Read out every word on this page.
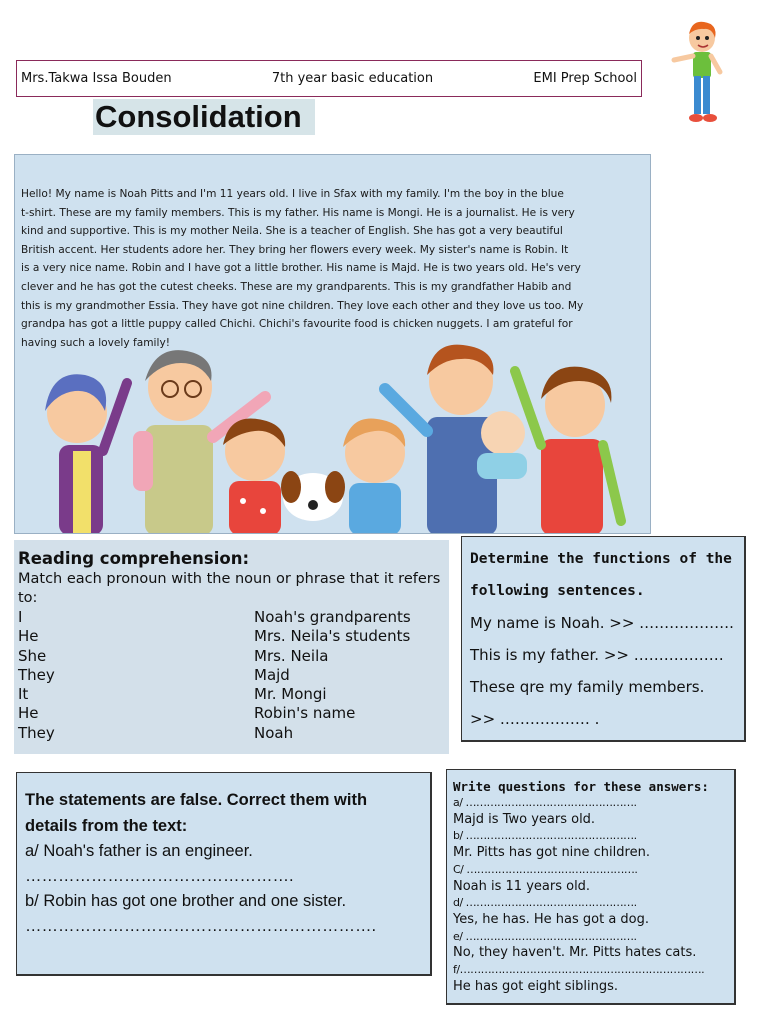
Mrs.Takwa Issa Bouden	7th year basic education	EMI Prep School
Consolidation
Hello! My name is Noah Pitts and I'm 11 years old. I live in Sfax with my family. I'm the boy in the blue
t-shirt. These are my family members. This is my father. His name is Mongi. He is a journalist. He is very
kind and supportive. This is my mother Neila. She is a teacher of English. She has got a very beautiful
British accent. Her students adore her. They bring her flowers every week. My sister's name is Robin. It
is a very nice name. Robin and I have got a little brother. His name is Majd. He is two years old. He's very
clever and he has got the cutest cheeks. These are my grandparents. This is my grandfather Habib and
this is my grandmother Essia. They have got nine children. They love each other and they love us too. My
grandpa has got a little puppy called Chichi. Chichi's favourite food is chicken nuggets. I am grateful for
having such a lovely family!
Reading comprehension:
Match each pronoun with the noun or phrase that it refers to:
I	Noah's grandparents
He	Mrs. Neila's students
She	Mrs. Neila
They	Majd
It	Mr. Mongi
He	Robin's name
They	Noah
Determine the functions of the following sentences.
My name is Noah. >> ……………….
This is my father. >> ………………
These qre my family members.
>> ……………… .
The statements are false. Correct them with details from the text:
a/ Noah's father is an engineer.
………………………………………….
b/ Robin has got one brother and one sister.
……………………………………………………….
Write questions for these answers:
a/ ………………………………………….
Majd is Two years old.
b/ ………………………………………….
Mr. Pitts has got nine children.
C/ ………………………………………….
Noah is 11 years old.
d/ ………………………………………….
Yes, he has. He has got a dog.
e/ ………………………………………….
No, they haven't. Mr. Pitts hates cats.
f/…………………………………………………………….
He has got eight siblings.
